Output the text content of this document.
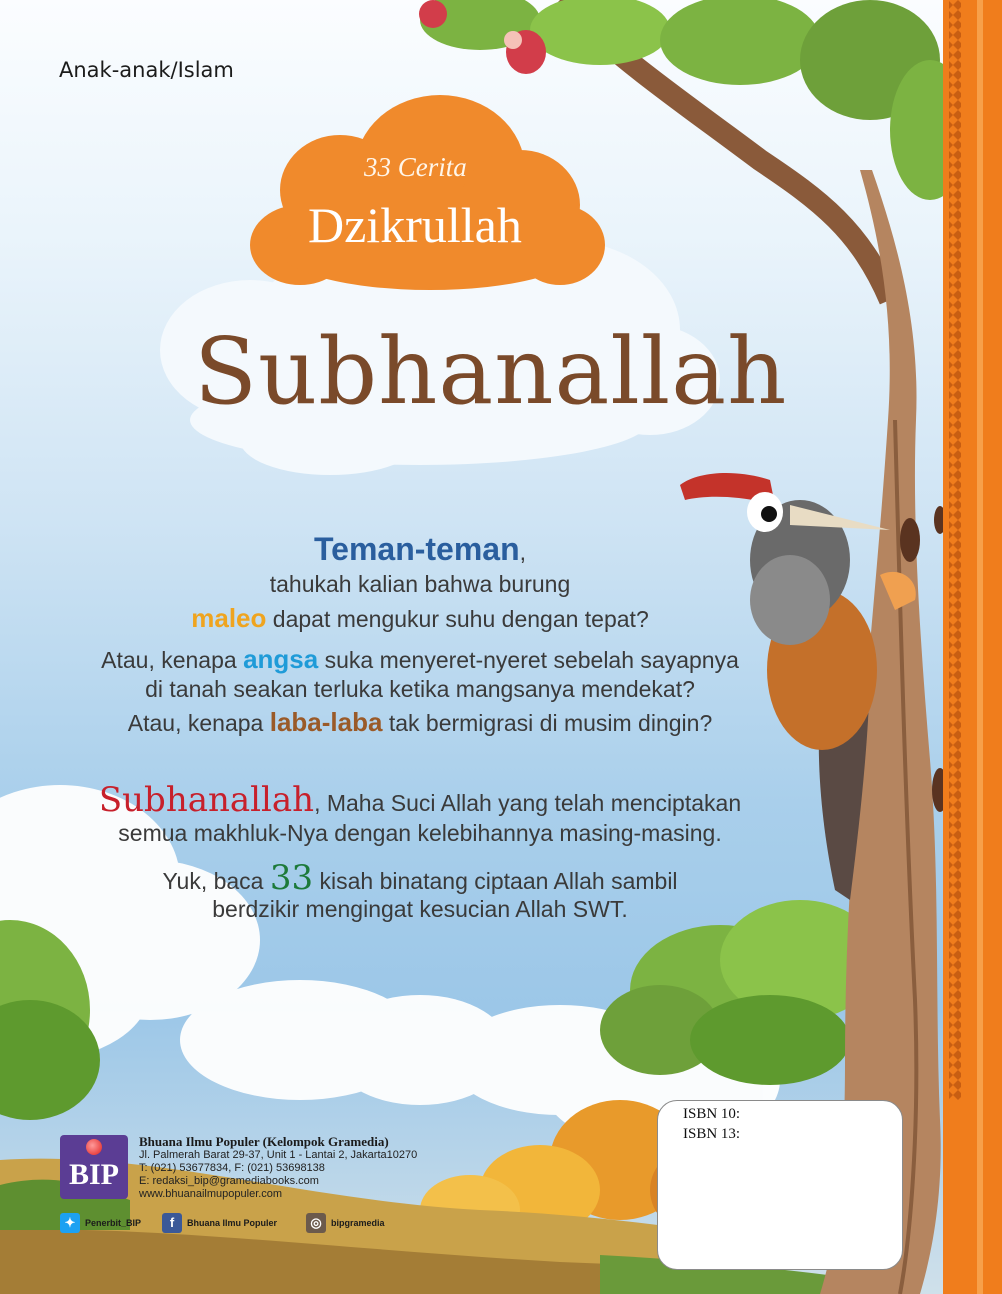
Anak-anak/Islam
33 Cerita
Dzikrullah
Subhanallah
Teman-teman,
tahukah kalian bahwa burung
maleo dapat mengukur suhu dengan tepat?
Atau, kenapa angsa suka menyeret-nyeret sebelah sayapnya
di tanah seakan terluka ketika mangsanya mendekat?
Atau, kenapa laba-laba tak bermigrasi di musim dingin?
Subhanallah, Maha Suci Allah yang telah menciptakan
semua makhluk-Nya dengan kelebihannya masing-masing.
Yuk, baca 33 kisah binatang ciptaan Allah sambil
berdzikir mengingat kesucian Allah SWT.
ISBN 10:
ISBN 13:
BIP
Bhuana Ilmu Populer (Kelompok Gramedia)
Jl. Palmerah Barat 29-37, Unit 1 - Lantai 2, Jakarta10270
T: (021) 53677834, F: (021) 53698138
E: redaksi_bip@gramediabooks.com
www.bhuanailmupopuler.com
✦	Penerbit_BIP	f	Bhuana Ilmu Populer	◎	bipgramedia
